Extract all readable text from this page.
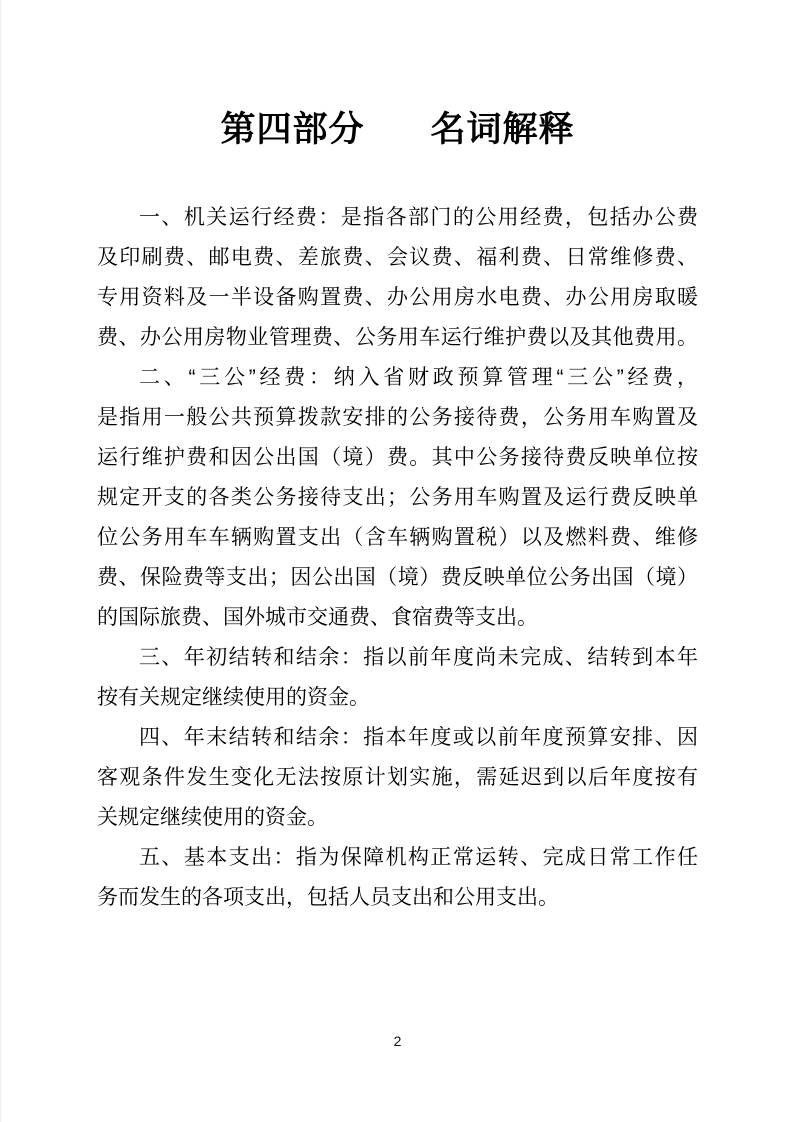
第四部分 名词解释
一、机关运行经费：是指各部门的公用经费，包括办公费
及印刷费、邮电费、差旅费、会议费、福利费、日常维修费、
专用资料及一半设备购置费、办公用房水电费、办公用房取暖
费、办公用房物业管理费、公务用车运行维护费以及其他费用。
二、“三公”经费：纳入省财政预算管理“三公”经费，
是指用一般公共预算拨款安排的公务接待费，公务用车购置及
运行维护费和因公出国（境）费。其中公务接待费反映单位按
规定开支的各类公务接待支出；公务用车购置及运行费反映单
位公务用车车辆购置支出（含车辆购置税）以及燃料费、维修
费、保险费等支出；因公出国（境）费反映单位公务出国（境）
的国际旅费、国外城市交通费、食宿费等支出。
三、年初结转和结余：指以前年度尚未完成、结转到本年
按有关规定继续使用的资金。
四、年末结转和结余：指本年度或以前年度预算安排、因
客观条件发生变化无法按原计划实施，需延迟到以后年度按有
关规定继续使用的资金。
五、基本支出：指为保障机构正常运转、完成日常工作任
务而发生的各项支出，包括人员支出和公用支出。
2
